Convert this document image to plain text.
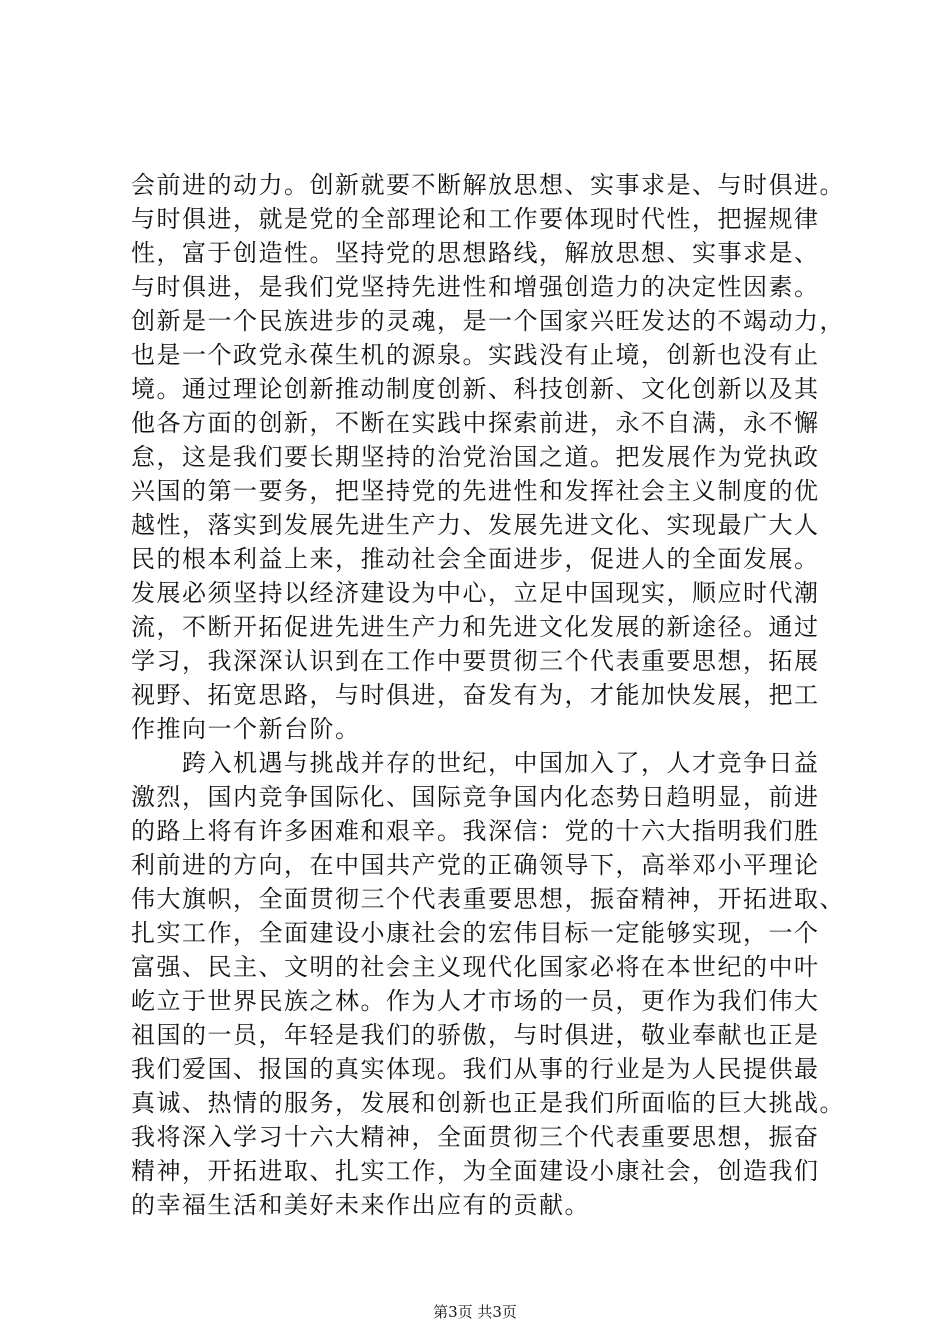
会前进的动力。创新就要不断解放思想、实事求是、与时俱进。
与时俱进，就是党的全部理论和工作要体现时代性，把握规律
性，富于创造性。坚持党的思想路线，解放思想、实事求是、
与时俱进，是我们党坚持先进性和增强创造力的决定性因素。
创新是一个民族进步的灵魂，是一个国家兴旺发达的不竭动力，
也是一个政党永葆生机的源泉。实践没有止境，创新也没有止
境。通过理论创新推动制度创新、科技创新、文化创新以及其
他各方面的创新，不断在实践中探索前进，永不自满，永不懈
怠，这是我们要长期坚持的治党治国之道。把发展作为党执政
兴国的第一要务，把坚持党的先进性和发挥社会主义制度的优
越性，落实到发展先进生产力、发展先进文化、实现最广大人
民的根本利益上来，推动社会全面进步，促进人的全面发展。
发展必须坚持以经济建设为中心，立足中国现实，顺应时代潮
流，不断开拓促进先进生产力和先进文化发展的新途径。通过
学习，我深深认识到在工作中要贯彻三个代表重要思想，拓展
视野、拓宽思路，与时俱进，奋发有为，才能加快发展，把工
作推向一个新台阶。
　　跨入机遇与挑战并存的世纪，中国加入了，人才竞争日益
激烈，国内竞争国际化、国际竞争国内化态势日趋明显，前进
的路上将有许多困难和艰辛。我深信：党的十六大指明我们胜
利前进的方向，在中国共产党的正确领导下，高举邓小平理论
伟大旗帜，全面贯彻三个代表重要思想，振奋精神，开拓进取、
扎实工作，全面建设小康社会的宏伟目标一定能够实现，一个
富强、民主、文明的社会主义现代化国家必将在本世纪的中叶
屹立于世界民族之林。作为人才市场的一员，更作为我们伟大
祖国的一员，年轻是我们的骄傲，与时俱进，敬业奉献也正是
我们爱国、报国的真实体现。我们从事的行业是为人民提供最
真诚、热情的服务，发展和创新也正是我们所面临的巨大挑战。
我将深入学习十六大精神，全面贯彻三个代表重要思想，振奋
精神，开拓进取、扎实工作，为全面建设小康社会，创造我们
的幸福生活和美好未来作出应有的贡献。
第3页 共3页
